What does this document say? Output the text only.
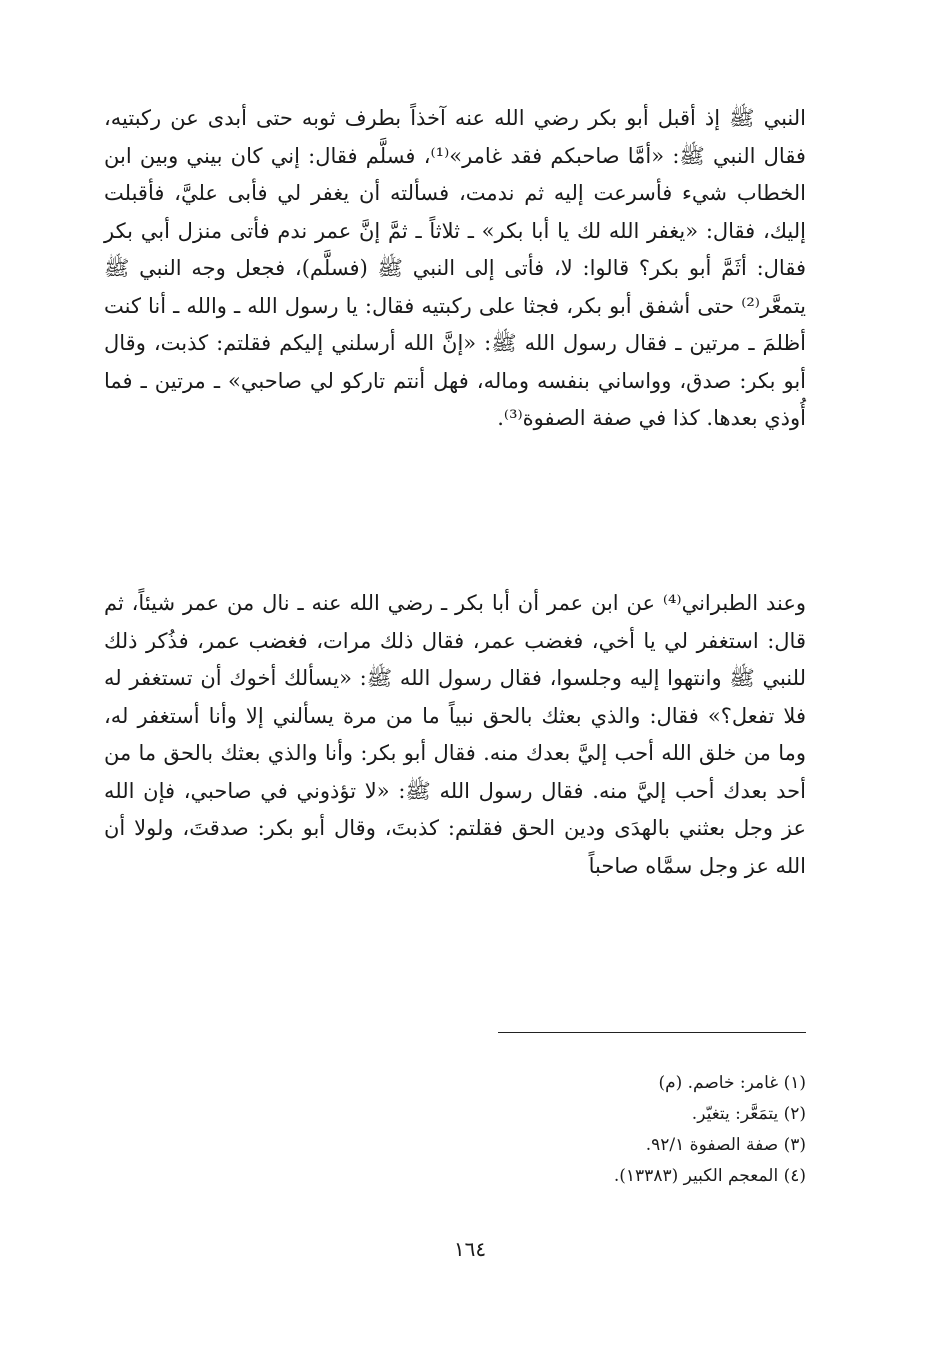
النبي ﷺ إذ أقبل أبو بكر رضي الله عنه آخذاً بطرف ثوبه حتى أبدى عن ركبتيه، فقال النبي ﷺ: «أمَّا صاحبكم فقد غامر»⁽¹⁾، فسلَّم فقال: إني كان بيني وبين ابن الخطاب شيء فأسرعت إليه ثم ندمت، فسألته أن يغفر لي فأبى عليَّ، فأقبلت إليك، فقال: «يغفر الله لك يا أبا بكر» ـ ثلاثاً ـ ثمَّ إنَّ عمر ندم فأتى منزل أبي بكر فقال: أثَمَّ أبو بكر؟ قالوا: لا، فأتى إلى النبي ﷺ (فسلَّم)، فجعل وجه النبي ﷺ يتمعَّر⁽²⁾ حتى أشفق أبو بكر، فجثا على ركبتيه فقال: يا رسول الله ـ والله ـ أنا كنت أظلمَ ـ مرتين ـ فقال رسول الله ﷺ: «إنَّ الله أرسلني إليكم فقلتم: كذبت، وقال أبو بكر: صدق، وواساني بنفسه وماله، فهل أنتم تاركو لي صاحبي» ـ مرتين ـ فما أُوذي بعدها. كذا في صفة الصفوة⁽³⁾.

وعند الطبراني⁽⁴⁾ عن ابن عمر أن أبا بكر ـ رضي الله عنه ـ نال من عمر شيئاً، ثم قال: استغفر لي يا أخي، فغضب عمر، فقال ذلك مرات، فغضب عمر، فذُكر ذلك للنبي ﷺ وانتهوا إليه وجلسوا، فقال رسول الله ﷺ: «يسألك أخوك أن تستغفر له فلا تفعل؟» فقال: والذي بعثك بالحق نبياً ما من مرة يسألني إلا وأنا أستغفر له، وما من خلق الله أحب إليَّ بعدك منه. فقال أبو بكر: وأنا والذي بعثك بالحق ما من أحد بعدك أحب إليَّ منه. فقال رسول الله ﷺ: «لا تؤذوني في صاحبي، فإن الله عز وجل بعثني بالهدَى ودين الحق فقلتم: كذبتَ، وقال أبو بكر: صدقتَ، ولولا أن الله عز وجل سمَّاه صاحباً

(١) غامر: خاصم. (م)
(٢) يتمَعَّر: يتغيّر.
(٣) صفة الصفوة ٩٢/١.
(٤) المعجم الكبير (١٣٣٨٣).
١٦٤
